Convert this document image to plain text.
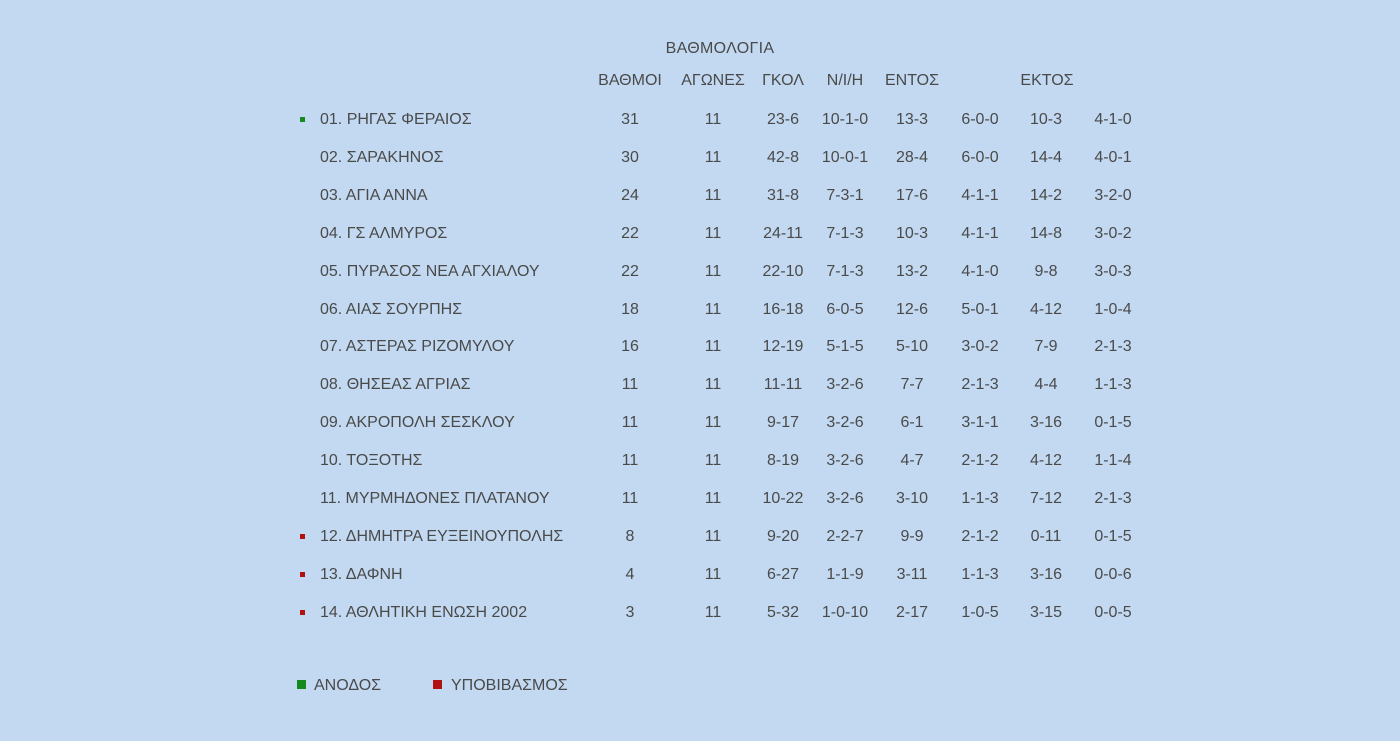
ΒΑΘΜΟΛΟΓΙΑ
ΒΑΘΜΟΙ	ΑΓΩΝΕΣ	ΓΚΟΛ	Ν/Ι/Η	ΕΝΤΟΣ	ΕΚΤΟΣ
01. ΡΗΓΑΣ ΦΕΡΑΙΟΣ	31	11	23-6	10-1-0	13-3	6-0-0	10-3	4-1-0
02. ΣΑΡΑΚΗΝΟΣ	30	11	42-8	10-0-1	28-4	6-0-0	14-4	4-0-1
03. ΑΓΙΑ ΑΝΝΑ	24	11	31-8	7-3-1	17-6	4-1-1	14-2	3-2-0
04. ΓΣ ΑΛΜΥΡΟΣ	22	11	24-11	7-1-3	10-3	4-1-1	14-8	3-0-2
05. ΠΥΡΑΣΟΣ ΝΕΑ ΑΓΧΙΑΛΟΥ	22	11	22-10	7-1-3	13-2	4-1-0	9-8	3-0-3
06. ΑΙΑΣ ΣΟΥΡΠΗΣ	18	11	16-18	6-0-5	12-6	5-0-1	4-12	1-0-4
07. ΑΣΤΕΡΑΣ ΡΙΖΟΜΥΛΟΥ	16	11	12-19	5-1-5	5-10	3-0-2	7-9	2-1-3
08. ΘΗΣΕΑΣ ΑΓΡΙΑΣ	11	11	11-11	3-2-6	7-7	2-1-3	4-4	1-1-3
09. ΑΚΡΟΠΟΛΗ ΣΕΣΚΛΟΥ	11	11	9-17	3-2-6	6-1	3-1-1	3-16	0-1-5
10. ΤΟΞΟΤΗΣ	11	11	8-19	3-2-6	4-7	2-1-2	4-12	1-1-4
11. ΜΥΡΜΗΔΟΝΕΣ ΠΛΑΤΑΝΟΥ	11	11	10-22	3-2-6	3-10	1-1-3	7-12	2-1-3
12. ΔΗΜΗΤΡΑ ΕΥΞΕΙΝΟΥΠΟΛΗΣ	8	11	9-20	2-2-7	9-9	2-1-2	0-11	0-1-5
13. ΔΑΦΝΗ	4	11	6-27	1-1-9	3-11	1-1-3	3-16	0-0-6
14. ΑΘΛΗΤΙΚΗ ΕΝΩΣΗ 2002	3	11	5-32	1-0-10	2-17	1-0-5	3-15	0-0-5
ΑΝΟΔΟΣ	ΥΠΟΒΙΒΑΣΜΟΣ
